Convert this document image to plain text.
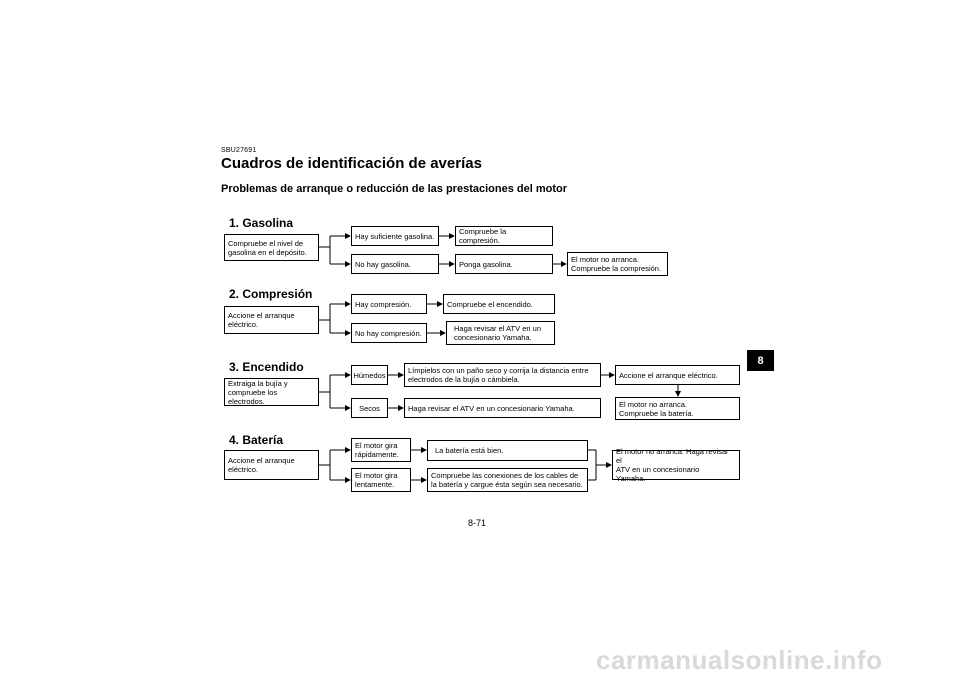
SBU27691
Cuadros de identificación de averías
Problemas de arranque o reducción de las prestaciones del motor
1. Gasolina
Compruebe el nivel de
gasolina en el depósito.
Hay suficiente gasolina.	Compruebe la compresión.
No hay gasolina.	Ponga gasolina.	El motor no arranca.
Compruebe la compresión.
2. Compresión
Accione el arranque
eléctrico.
Hay compresión.	Compruebe el encendido.
No hay compresión.	Haga revisar el ATV en un
concesionario Yamaha.
3. Encendido
Extraiga la bujía y
compruebe los electrodos.
Húmedos	Límpielos con un paño seco y corrija la distancia entre
electrodos de la bujía o cámbiela.	Accione el arranque eléctrico.
Secos	Haga revisar el ATV en un concesionario Yamaha.	El motor no arranca.
Compruebe la batería.
4. Batería
Accione el arranque
eléctrico.
El motor gira
rápidamente.	La batería está bien.
El motor gira
lentamente.
Compruebe las conexiones de los cables de
la batería y cargue ésta según sea necesario.
El motor no arranca. Haga revisar el
ATV en un concesionario
Yamaha.
8
8-71
carmanualsonline.info
